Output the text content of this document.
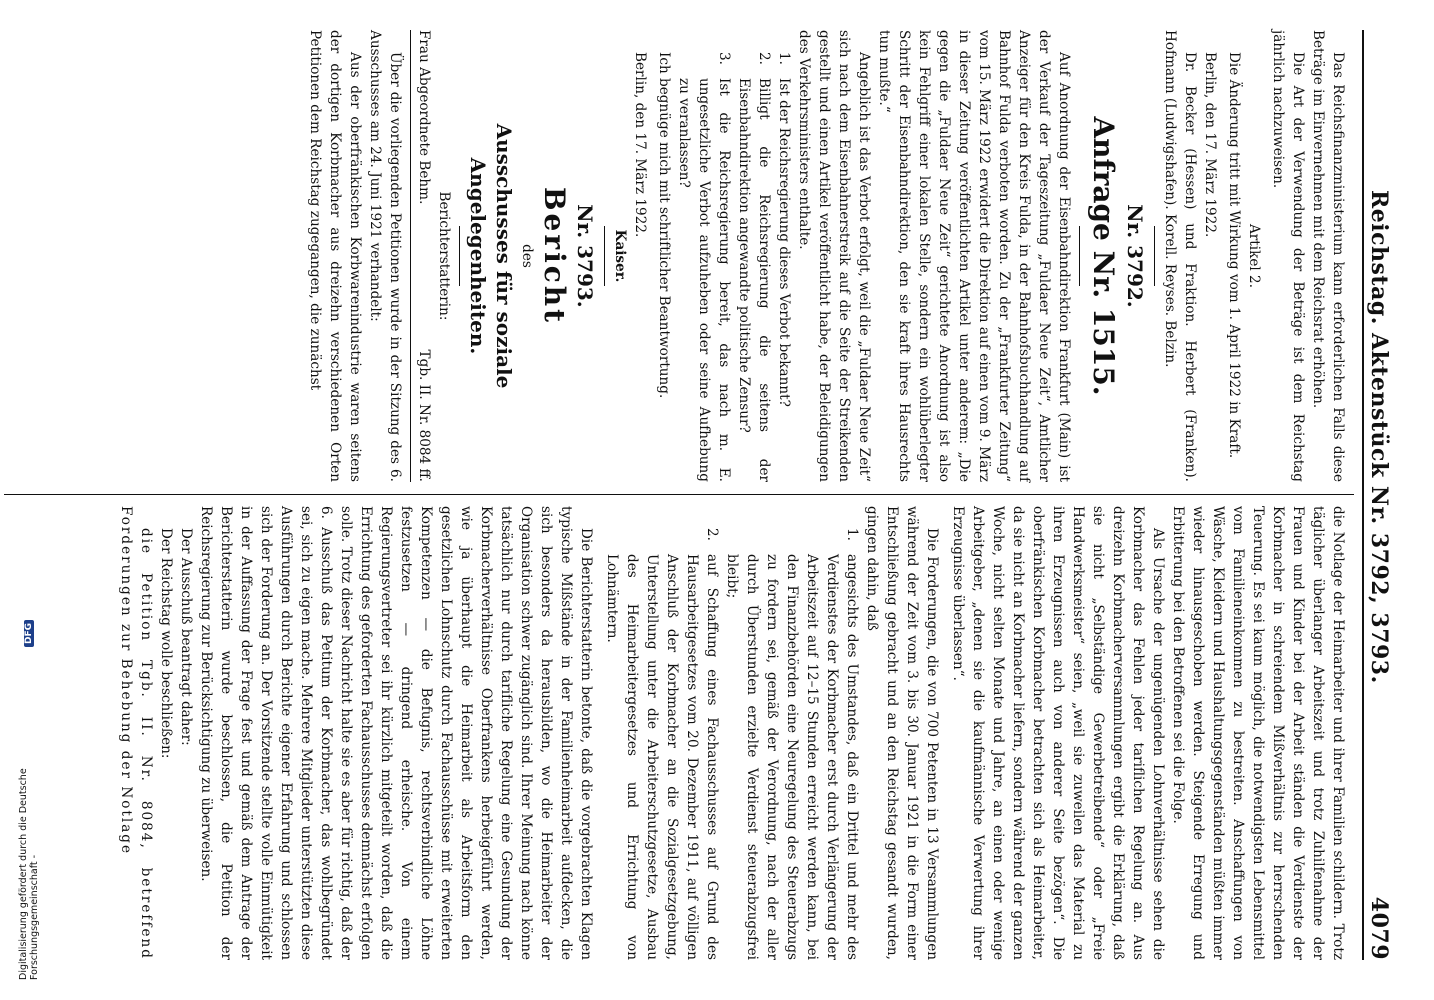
Reichstag. Aktenstück Nr. 3792, 3793.
4079

Das Reichsfinanzministerium kann erforderlichen Falls diese Beträge im Einvernehmen mit dem Reichsrat erhöhen.

Die Art der Verwendung der Beträge ist dem Reichstag jährlich nachzuweisen.

Artikel 2.

Die Änderung tritt mit Wirkung vom 1. April 1922 in Kraft.

Berlin, den 17. März 1922.

Dr. Becker (Hessen) und Fraktion. Herbert (Franken). Hofmann (Ludwigshafen). Korell. Reyses. Belzin.

Nr. 3792.

Anfrage Nr. 1515.

Auf Anordnung der Eisenbahndirektion Frankfurt (Main) ist der Verkauf der Tageszeitung „Fuldaer Neue Zeit“, Amtlicher Anzeiger für den Kreis Fulda, in der Bahnhofsbuchhandlung auf Bahnhof Fulda verboten worden. Zu der „Frankfurter Zeitung“ vom 15. März 1922 erwidert die Direktion auf einen vom 9. März in dieser Zeitung veröffentlichten Artikel unter anderem: „Die gegen die „Fuldaer Neue Zeit“ gerichtete Anordnung ist also kein Fehlgriff einer lokalen Stelle, sondern ein wohlüberlegter Schritt der Eisenbahndirektion, den sie kraft ihres Hausrechts tun mußte.“

Angeblich ist das Verbot erfolgt, weil die „Fuldaer Neue Zeit“ sich nach dem Eisenbahnerstreik auf die Seite der Streikenden gestellt und einen Artikel veröffentlicht habe, der Beleidigungen des Verkehrsministers enthalte.

1.
Ist der Reichsregierung dieses Verbot bekannt?
2.
Billigt die Reichsregierung die seitens der Eisenbahndirektion angewandte politische Zensur?
3.
Ist die Reichsregierung bereit, das nach m. E. ungesetzliche Verbot aufzuheben oder seine Aufhebung zu veranlassen?

Ich begnüge mich mit schriftlicher Beantwortung.

Berlin, den 17. März 1922.

Kaiser.

Nr. 3793.

Bericht

des

Ausschusses für soziale Angelegenheiten.

Berichterstatterin:

Frau Abgeordnete Behm.
Tgb. II. Nr. 8084 ff.

Über die vorliegenden Petitionen wurde in der Sitzung des 6. Ausschusses am 24. Juni 1921 verhandelt:

Aus der oberfränkischen Korbwarenindustrie waren seitens der dortigen Korbmacher aus dreizehn verschiedenen Orten Petitionen dem Reichstag zugegangen, die zunächst

die Notlage der Heimarbeiter und ihrer Familien schildern. Trotz täglicher überlanger Arbeitszeit und trotz Zuhilfenahme der Frauen und Kinder bei der Arbeit ständen die Verdienste der Korbmacher in schreiendem Mißverhältnis zur herrschenden Teuerung. Es sei kaum möglich, die notwendigsten Lebensmittel vom Familieneinkommen zu bestreiten. Anschaffungen von Wäsche, Kleidern und Haushaltungsgegenständen müßten immer wieder hinausgeschoben werden. Steigende Erregung und Erbitterung bei den Betroffenen sei die Folge.

Als Ursache der ungenügenden Lohnverhältnisse sehen die Korbmacher das Fehlen jeder tariflichen Regelung an. Aus dreizehn Korbmacherversammlungen ergibt die Erklärung, daß sie nicht „Selbständige Gewerbetreibende“ oder „Freie Handwerksmeister“ seien, „weil sie zuweilen das Material zu ihren Erzeugnissen auch von anderer Seite bezögen“. Die oberfränkischen Korbmacher betrachten sich als Heimarbeiter, da sie nicht an Korbmacher liefern, sondern während der ganzen Woche, nicht selten Monate und Jahre, an einen oder wenige Arbeitgeber, „denen sie die kaufmännische Verwertung ihrer Erzeugnisse überlassen“.

Die Forderungen, die von 700 Petenten in 13 Versammlungen während der Zeit vom 3. bis 30. Januar 1921 in die Form einer Entschließung gebracht und an den Reichstag gesandt wurden, gingen dahin, daß

1.
angesichts des Umstandes, daß ein Drittel und mehr des Verdienstes der Korbmacher erst durch Verlängerung der Arbeitszeit auf 12–15 Stunden erreicht werden kann, bei den Finanzbehörden eine Neuregelung des Steuerabzugs zu fordern sei, gemäß der Verordnung, nach der aller durch Überstunden erzielte Verdienst steuerabzugsfrei bleibt;
2.
auf Schaffung eines Fachausschusses auf Grund des Hausarbeitgesetzes vom 20. Dezember 1911, auf völligen Anschluß der Korbmacher an die Sozialgesetzgebung, Unterstellung unter die Arbeiterschutzgesetze, Ausbau des Heimarbeitergesetzes und Errichtung von Lohnämtern.

Die Berichterstatterin betonte, daß die vorgebrachten Klagen typische Mißstände in der Familienheimarbeit aufdecken, die sich besonders da herausbilden, wo die Heimarbeiter der Organisation schwer zugänglich sind. Ihrer Meinung nach könne tatsächlich nur durch tarifliche Regelung eine Gesundung der Korbmacherverhältnisse Oberfrankens herbeigeführt werden, wie ja überhaupt die Heimarbeit als Arbeitsform den gesetzlichen Lohnschutz durch Fachausschüsse mit erweiterten Kompetenzen — die Befugnis, rechtsverbindliche Löhne festzusetzen — dringend erheische. Von einem Regierungsvertreter sei ihr kürzlich mitgeteilt worden, daß die Errichtung des geforderten Fachausschusses demnächst erfolgen solle. Trotz dieser Nachricht halte sie es aber für richtig, daß der 6. Ausschuß das Petitum der Korbmacher, das wohlbegründet sei, sich zu eigen mache. Mehrere Mitglieder unterstützten diese Ausführungen durch Berichte eigener Erfahrung und schlossen sich der Forderung an. Der Vorsitzende stellte volle Einmütigkeit in der Auffassung der Frage fest und gemäß dem Antrage der Berichterstatterin wurde beschlossen, die Petition der Reichsregierung zur Berücksichtigung zu überweisen.

Der Ausschuß beantragt daher:

Der Reichstag wolle beschließen:

die Petition Tgb. II. Nr. 8084, betreffend Forderungen zur Behebung der Notlage

Digitalisierung gefördert durch die Deutsche Forschungsgemeinschaft -
DFG
